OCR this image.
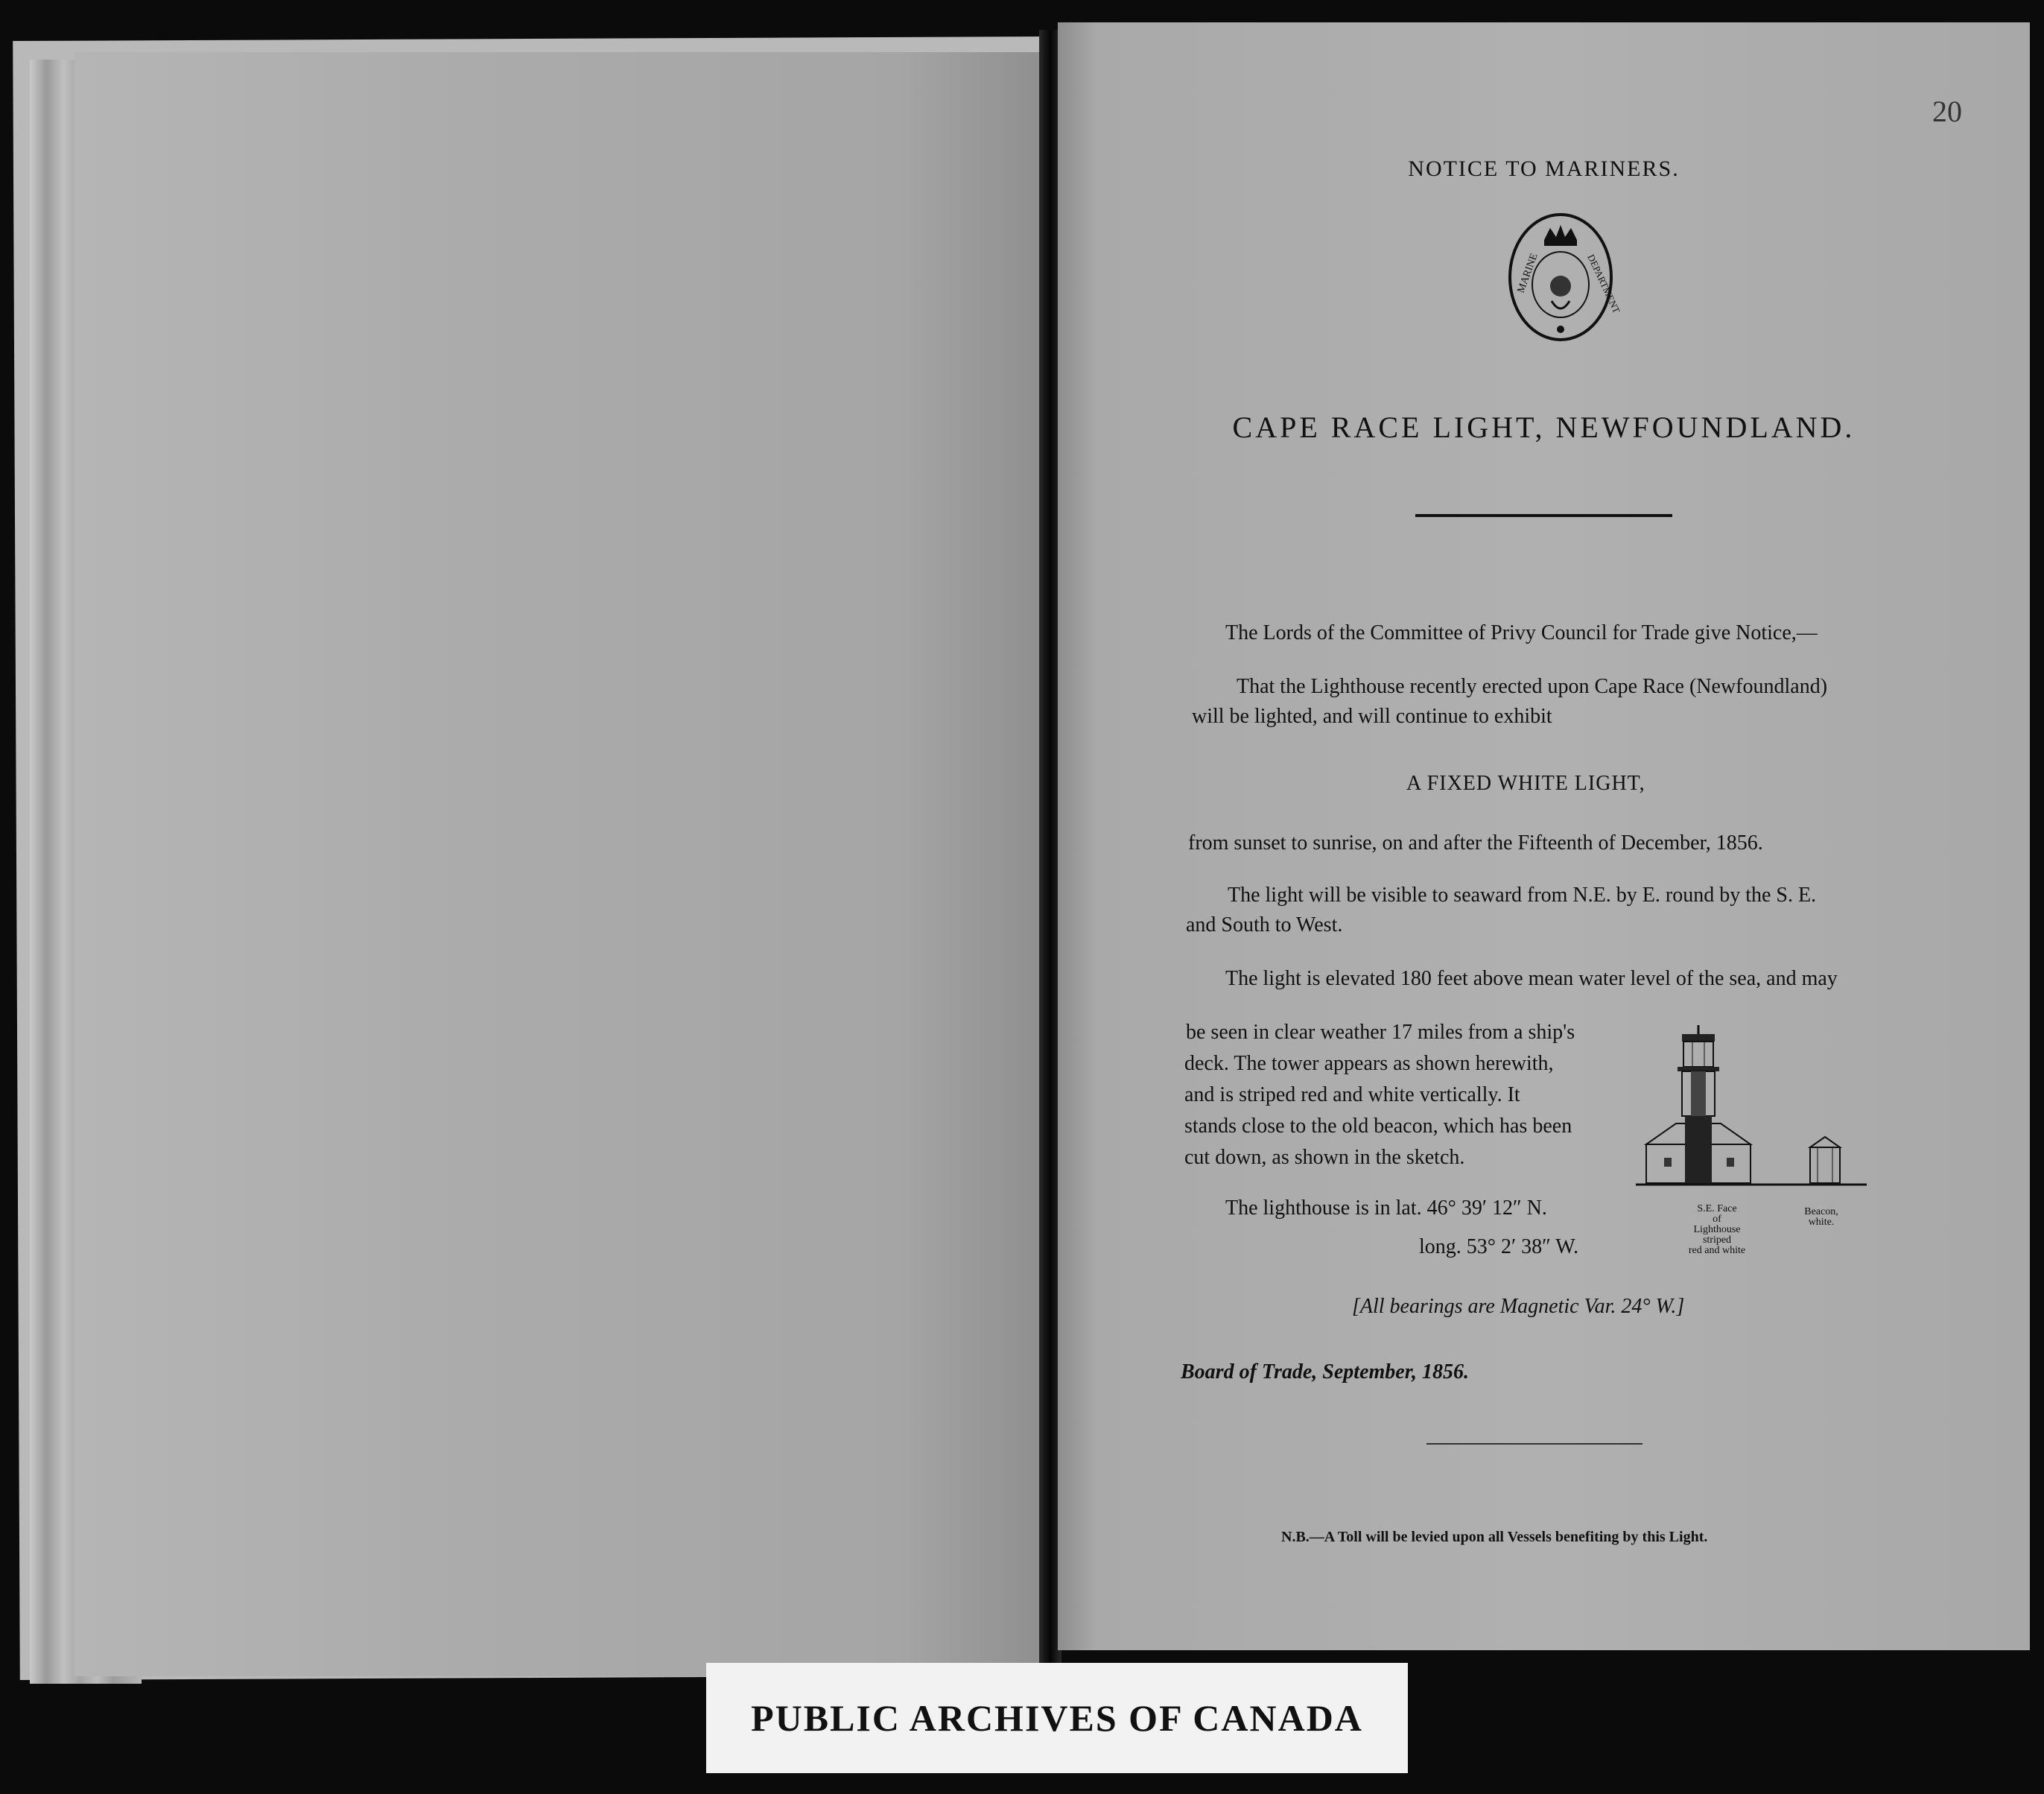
20
NOTICE TO MARINERS.
MARINE	DEPARTMENT
CAPE RACE LIGHT, NEWFOUNDLAND.
The Lords of the Committee of Privy Council for Trade give Notice,—
That the Lighthouse recently erected upon Cape Race (Newfoundland)
will be lighted, and will continue to exhibit
A FIXED WHITE LIGHT,
from sunset to sunrise, on and after the Fifteenth of December, 1856.
The light will be visible to seaward from N.E. by E. round by the S. E.
and South to West.
The light is elevated 180 feet above mean water level of the sea, and may
be seen in clear weather 17 miles from a ship's
deck. The tower appears as shown herewith,
and is striped red and white vertically. It
stands close to the old beacon, which has been
cut down, as shown in the sketch.
The lighthouse is in lat. 46° 39′ 12″ N.
long. 53° 2′ 38″ W.
[All bearings are Magnetic Var. 24° W.]
Board of Trade, September, 1856.
S.E. Face
of
Lighthouse
striped
red and white
Beacon,
white.
N.B.—A Toll will be levied upon all Vessels benefiting by this Light.
PUBLIC ARCHIVES OF CANADA
